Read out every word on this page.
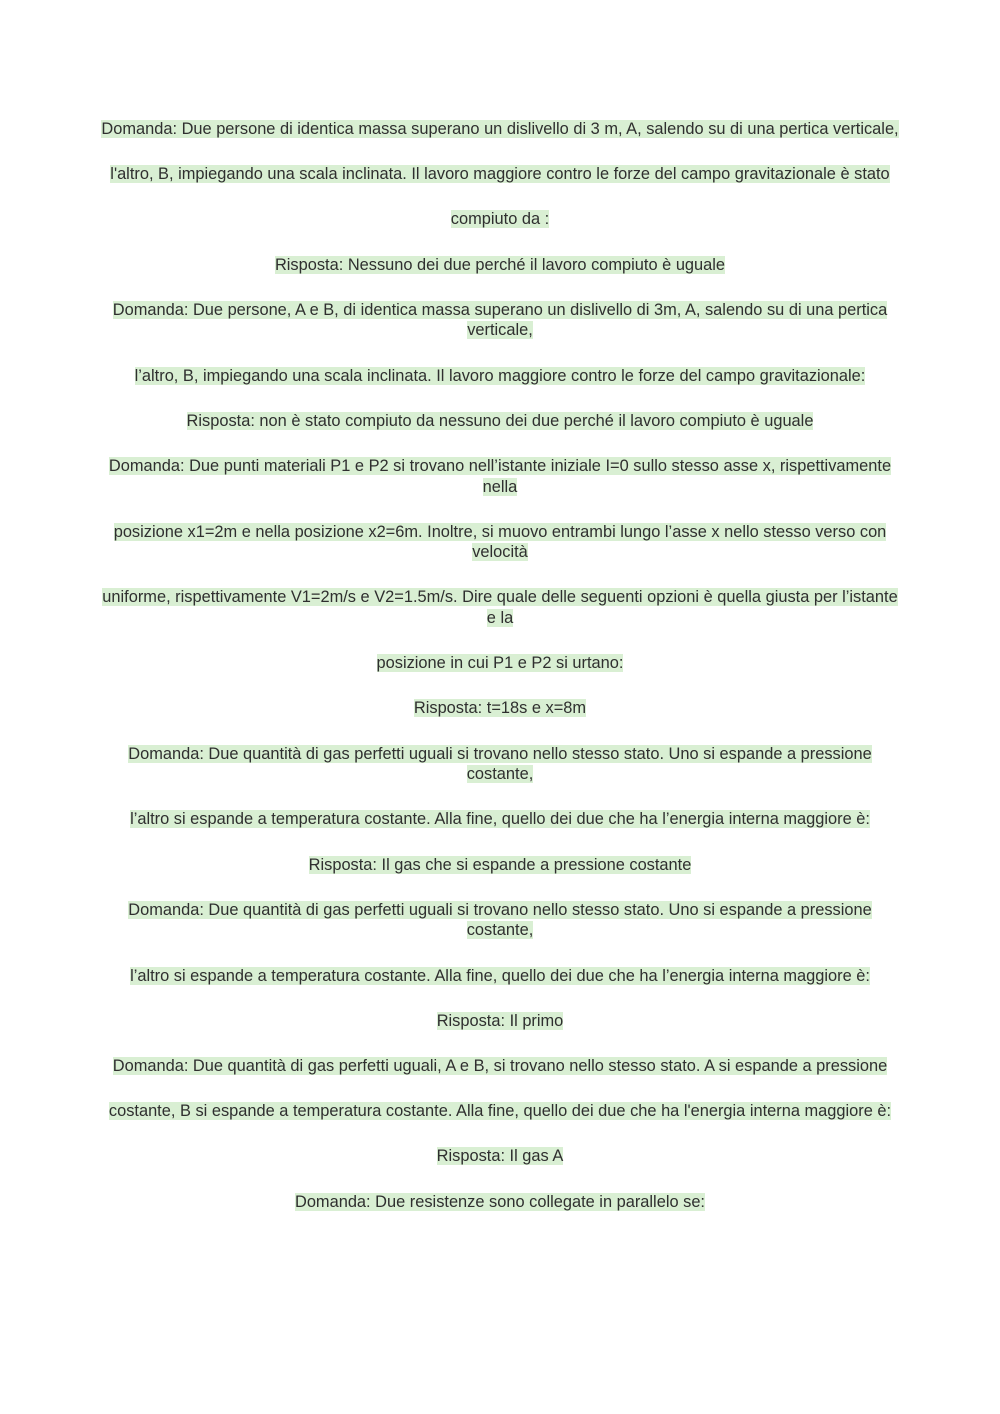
Domanda: Due persone di identica massa superano un dislivello di 3 m, A, salendo su di una pertica verticale,

l'altro, B, impiegando una scala inclinata. Il lavoro maggiore contro le forze del campo gravitazionale è stato

compiuto da :

Risposta: Nessuno dei due perché il lavoro compiuto è uguale

Domanda: Due persone, A e B, di identica massa superano un dislivello di 3m, A, salendo su di una pertica verticale,

l’altro, B, impiegando una scala inclinata. Il lavoro maggiore contro le forze del campo gravitazionale:

Risposta: non è stato compiuto da nessuno dei due perché il lavoro compiuto è uguale

Domanda: Due punti materiali P1 e P2 si trovano nell’istante iniziale I=0 sullo stesso asse x, rispettivamente nella

posizione x1=2m e nella posizione x2=6m. Inoltre, si muovo entrambi lungo l’asse x nello stesso verso con velocità

uniforme, rispettivamente V1=2m/s e V2=1.5m/s. Dire quale delle seguenti opzioni è quella giusta per l’istante e la

posizione in cui P1 e P2 si urtano:

Risposta: t=18s e x=8m

Domanda: Due quantità di gas perfetti uguali si trovano nello stesso stato. Uno si espande a pressione costante,

l’altro si espande a temperatura costante. Alla fine, quello dei due che ha l’energia interna maggiore è:

Risposta: Il gas che si espande a pressione costante

Domanda: Due quantità di gas perfetti uguali si trovano nello stesso stato. Uno si espande a pressione costante,

l’altro si espande a temperatura costante. Alla fine, quello dei due che ha l’energia interna maggiore è:

Risposta: Il primo

Domanda: Due quantità di gas perfetti uguali, A e B, si trovano nello stesso stato. A si espande a pressione

costante, B si espande a temperatura costante. Alla fine, quello dei due che ha l'energia interna maggiore è:

Risposta: Il gas A

Domanda: Due resistenze sono collegate in parallelo se:
